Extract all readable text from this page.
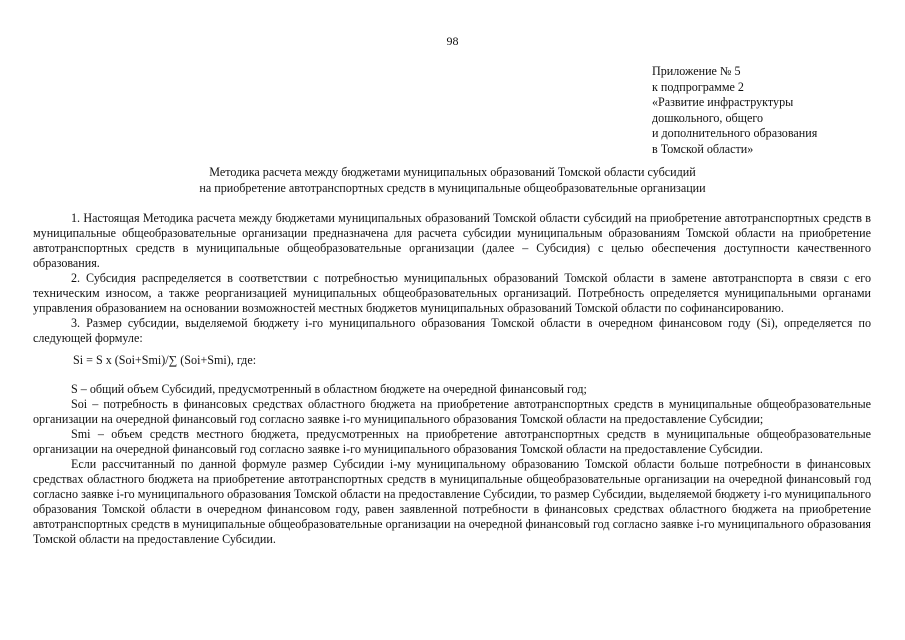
98
Приложение № 5
к подпрограмме 2
«Развитие инфраструктуры
дошкольного, общего
и дополнительного образования
в Томской области»
Методика расчета между бюджетами муниципальных образований Томской области субсидий
на приобретение автотранспортных средств в муниципальные общеобразовательные организации

1. Настоящая Методика расчета между бюджетами муниципальных образований Томской области субсидий на приобретение автотранспортных средств в муниципальные общеобразовательные организации предназначена для расчета субсидии муниципальным образованиям Томской области на приобретение автотранспортных средств в муниципальные общеобразовательные организации (далее – Субсидия) с целью обеспечения доступности качественного образования.

2. Субсидия распределяется в соответствии с потребностью муниципальных образований Томской области в замене автотранспорта в связи с его техническим износом, а также реорганизацией муниципальных общеобразовательных организаций. Потребность определяется муниципальными органами управления образованием на основании возможностей местных бюджетов муниципальных образований Томской области по софинансированию.

3. Размер субсидии, выделяемой бюджету i-го муниципального образования Томской области в очередном финансовом году (Si), определяется по следующей формуле:

Si = S x (Soi+Smi)/∑ (Soi+Smi), где:

S – общий объем Субсидий, предусмотренный в областном бюджете на очередной финансовый год;

Soi – потребность в финансовых средствах областного бюджета на приобретение автотранспортных средств в муниципальные общеобразовательные организации на очередной финансовый год согласно заявке i-го муниципального образования Томской области на предоставление Субсидии;

Smi – объем средств местного бюджета, предусмотренных на приобретение автотранспортных средств в муниципальные общеобразовательные организации на очередной финансовый год согласно заявке i-го муниципального образования Томской области на предоставление Субсидии.

Если рассчитанный по данной формуле размер Субсидии i-му муниципальному образованию Томской области больше потребности в финансовых средствах областного бюджета на приобретение автотранспортных средств в муниципальные общеобразовательные организации на очередной финансовый год согласно заявке i-го муниципального образования Томской области на предоставление Субсидии, то размер Субсидии, выделяемой бюджету i-го муниципального образования Томской области в очередном финансовом году, равен заявленной потребности в финансовых средствах областного бюджета на приобретение автотранспортных средств в муниципальные общеобразовательные организации на очередной финансовый год согласно заявке i-го муниципального образования Томской области на предоставление Субсидии.
